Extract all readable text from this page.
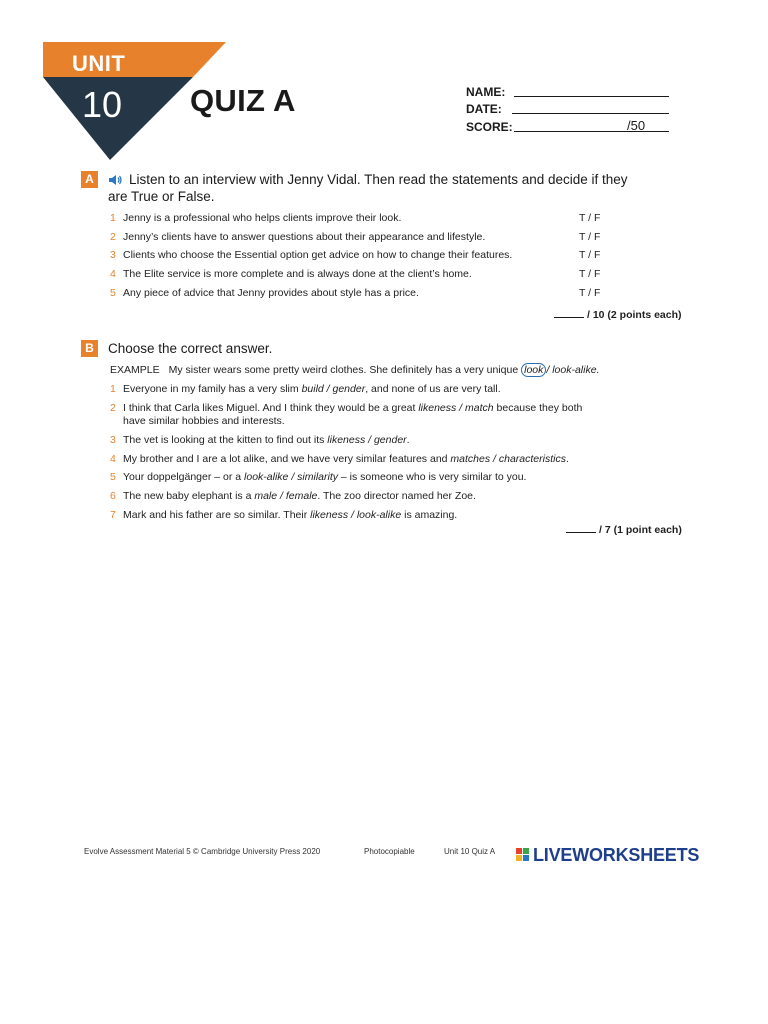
UNIT
10 QUIZ A	NAME:
DATE:
SCORE:	/50
A	Listen to an interview with Jenny Vidal. Then read the statements and decide if they
are True or False.
1 Jenny is a professional who helps clients improve their look.	T / F
2 Jenny’s clients have to answer questions about their appearance and lifestyle.	T / F
3 Clients who choose the Essential option get advice on how to change their features.	T / F
4 The Elite service is more complete and is always done at the client’s home.	T / F
5 Any piece of advice that Jenny provides about style has a price.	T / F
/ 10 (2 points each)
B	Choose the correct answer.
EXAMPLE My sister wears some pretty weird clothes. She definitely has a very unique look / look-alike.
1 Everyone in my family has a very slim build / gender, and none of us are very tall.
2 I think that Carla likes Miguel. And I think they would be a great likeness / match because they both
have similar hobbies and interests.
3 The vet is looking at the kitten to find out its likeness / gender.
4 My brother and I are a lot alike, and we have very similar features and matches / characteristics.
5 Your doppelgänger – or a look-alike / similarity – is someone who is very similar to you.
6 The new baby elephant is a male / female. The zoo director named her Zoe.
7 Mark and his father are so similar. Their likeness / look-alike is amazing.
/ 7 (1 point each)
Evolve Assessment Material 5 © Cambridge University Press 2020	Photocopiable	Unit 10 Quiz A LIVEWORKSHEETS
